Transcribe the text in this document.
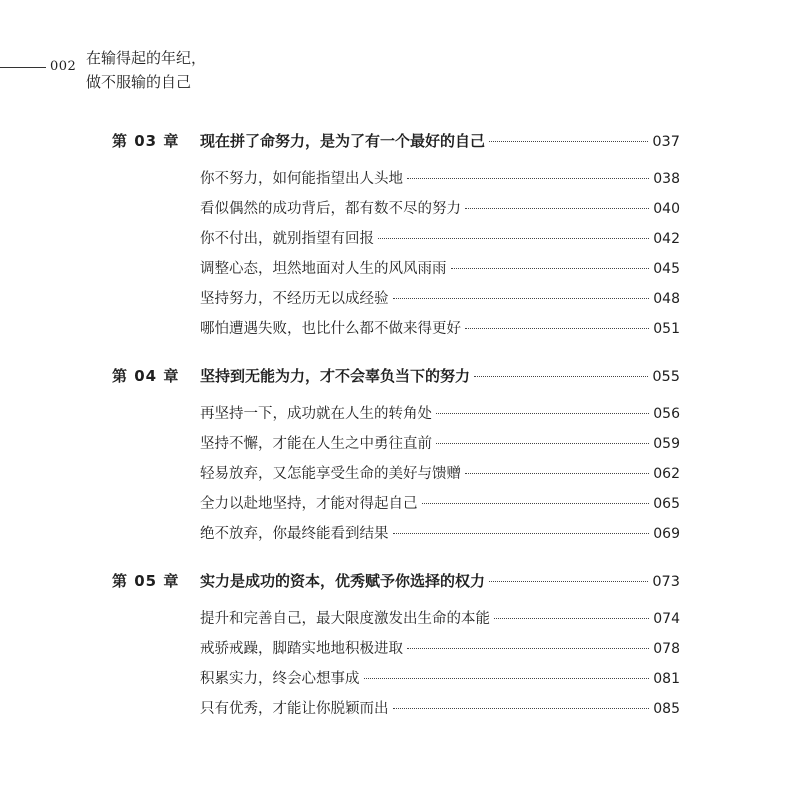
002 在输得起的年纪，
做不服输的自己
第 03 章	现在拼了命努力，是为了有一个最好的自己	037
你不努力，如何能指望出人头地	038
看似偶然的成功背后，都有数不尽的努力	040
你不付出，就别指望有回报	042
调整心态，坦然地面对人生的风风雨雨	045
坚持努力，不经历无以成经验	048
哪怕遭遇失败，也比什么都不做来得更好	051
第 04 章	坚持到无能为力，才不会辜负当下的努力	055
再坚持一下，成功就在人生的转角处	056
坚持不懈，才能在人生之中勇往直前	059
轻易放弃，又怎能享受生命的美好与馈赠	062
全力以赴地坚持，才能对得起自己	065
绝不放弃，你最终能看到结果	069
第 05 章	实力是成功的资本，优秀赋予你选择的权力	073
提升和完善自己，最大限度激发出生命的本能	074
戒骄戒躁，脚踏实地地积极进取	078
积累实力，终会心想事成	081
只有优秀，才能让你脱颖而出	085
